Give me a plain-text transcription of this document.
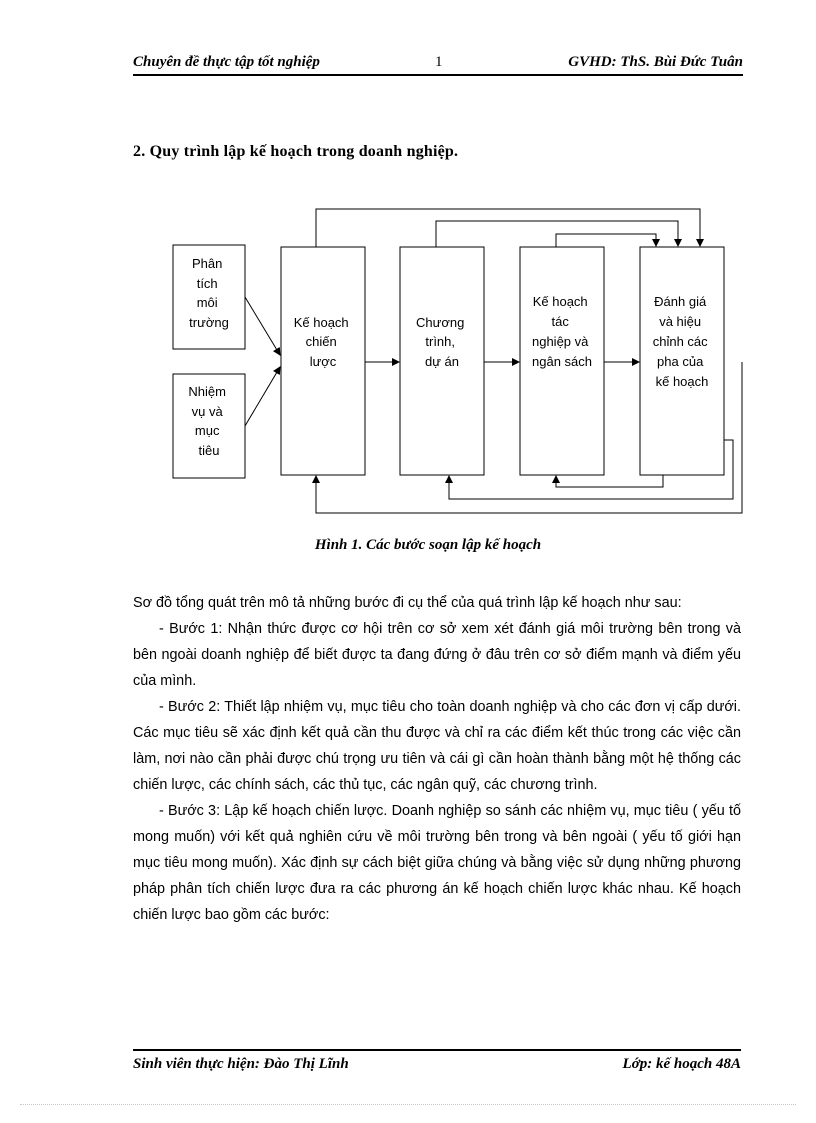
Chuyên đề thực tập tốt nghiệp	1	GVHD: ThS. Bùi Đức Tuân
2. Quy trình lập kế hoạch trong doanh nghiệp.
Phân tích môi trường
Nhiệm vụ và mục tiêu
Kế hoạch chiến lược
Chương trình, dự án
Kế hoạch tác nghiệp và ngân sách
Đánh giá và hiệu chỉnh các pha của kế hoạch
Hình 1. Các bước soạn lập kế hoạch

Sơ đồ tổng quát trên mô tả những bước đi cụ thể của quá trình lập kế hoạch như sau:

- Bước 1: Nhận thức được cơ hội trên cơ sở xem xét đánh giá môi trường bên trong và bên ngoài doanh nghiệp để biết được ta đang đứng ở đâu trên cơ sở điểm mạnh và điểm yếu của mình.

- Bước 2: Thiết lập nhiệm vụ, mục tiêu cho toàn doanh nghiệp và cho các đơn vị cấp dưới. Các mục tiêu sẽ xác định kết quả cần thu được và chỉ ra các điểm kết thúc trong các việc cần làm, nơi nào cần phải được chú trọng ưu tiên và cái gì cần hoàn thành bằng một hệ thống các chiến lược, các chính sách, các thủ tục, các ngân quỹ, các chương trình.

- Bước 3: Lập kế hoạch chiến lược. Doanh nghiệp so sánh các nhiệm vụ, mục tiêu ( yếu tố mong muốn) với kết quả nghiên cứu về môi trường bên trong và bên ngoài ( yếu tố giới hạn mục tiêu mong muốn). Xác định sự cách biệt giữa chúng và bằng việc sử dụng những phương pháp phân tích chiến lược đưa ra các phương án kế hoạch chiến lược khác nhau. Kế hoạch chiến lược bao gồm các bước:

Sinh viên thực hiện: Đào Thị Lĩnh	Lớp: kế hoạch 48A
